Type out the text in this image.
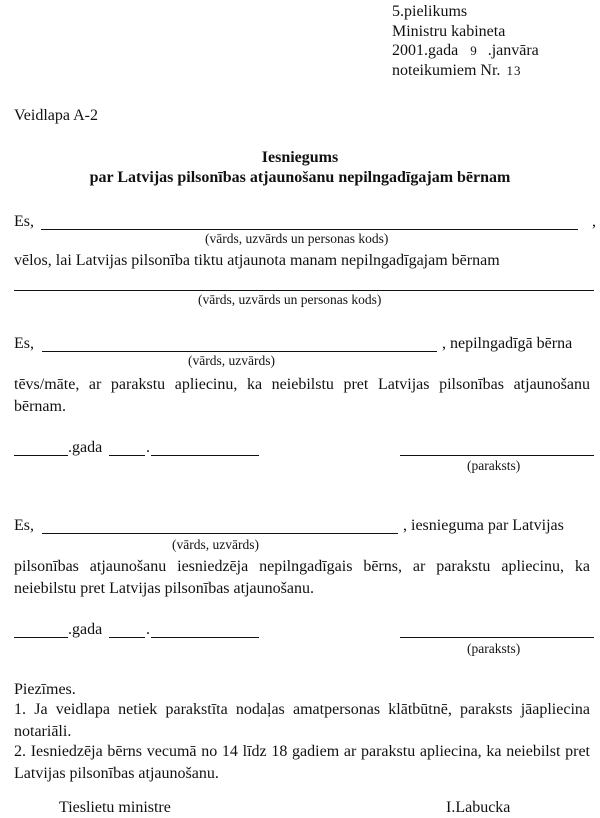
5.pielikums
Ministru kabineta
2001.gada 9 .janvāra
noteikumiem Nr. 13
Veidlapa A-2
Iesniegums
par Latvijas pilsonības atjaunošanu nepilngadīgajam bērnam
Es,	,
(vārds, uzvārds un personas kods)
vēlos, lai Latvijas pilsonība tiktu atjaunota manam nepilngadīgajam bērnam
(vārds, uzvārds un personas kods)
Es,	, nepilngadīgā bērna
(vārds, uzvārds)
tēvs/māte, ar parakstu apliecinu, ka neiebilstu pret Latvijas pilsonības atjaunošanu bērnam.
.gada	.
(paraksts)
Es,	, iesnieguma par Latvijas
(vārds, uzvārds)
pilsonības atjaunošanu iesniedzēja nepilngadīgais bērns, ar parakstu apliecinu, ka neiebilstu pret Latvijas pilsonības atjaunošanu.
.gada	.
(paraksts)
Piezīmes.
1. Ja veidlapa netiek parakstīta nodaļas amatpersonas klātbūtnē, paraksts jāapliecina notariāli.
2. Iesniedzēja bērns vecumā no 14 līdz 18 gadiem ar parakstu apliecina, ka neiebilst pret Latvijas pilsonības atjaunošanu.
Tieslietu ministre	I.Labucka
